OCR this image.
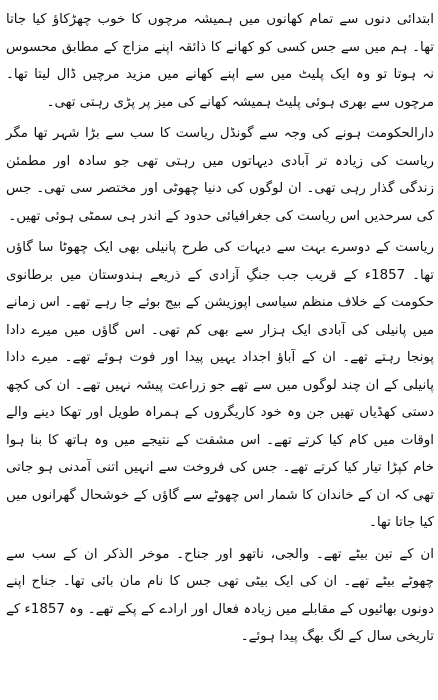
ابتدائی دنوں سے تمام کھانوں میں ہمیشہ مرچوں کا خوب چھڑکاؤ کیا جاتا تھا۔ ہم میں سے جس کسی کو کھانے کا ذائقہ اپنے مزاج کے مطابق محسوس نہ ہوتا تو وہ ایک پلیٹ میں سے اپنے کھانے میں مزید مرچیں ڈال لیتا تھا۔ مرچوں سے بھری ہوئی پلیٹ ہمیشہ کھانے کی میز پر پڑی رہتی تھی۔

دارالحکومت ہونے کی وجہ سے گونڈل ریاست کا سب سے بڑا شہر تھا مگر ریاست کی زیادہ تر آبادی دیہاتوں میں رہتی تھی جو سادہ اور مطمئن زندگی گذار رہی تھی۔ ان لوگوں کی دنیا چھوٹی اور مختصر سی تھی۔ جس کی سرحدیں اس ریاست کی جغرافیائی حدود کے اندر ہی سمٹی ہوئی تھیں۔

ریاست کے دوسرے بہت سے دیہات کی طرح پانیلی بھی ایک چھوٹا سا گاؤں تھا۔ 1857ء کے قریب جب جنگِ آزادی کے ذریعے ہندوستان میں برطانوی حکومت کے خلاف منظم سیاسی اپوزیشن کے بیج بوئے جا رہے تھے۔ اس زمانے میں پانیلی کی آبادی ایک ہزار سے بھی کم تھی۔ اس گاؤں میں میرے دادا پونجا رہتے تھے۔ ان کے آباؤ اجداد یہیں پیدا اور فوت ہوئے تھے۔ میرے دادا پانیلی کے ان چند لوگوں میں سے تھے جو زراعت پیشہ نہیں تھے۔ ان کی کچھ دستی کھڈیاں تھیں جن وہ خود کاریگروں کے ہمراہ طویل اور تھکا دینے والے اوقات میں کام کیا کرتے تھے۔ اس مشقت کے نتیجے میں وہ ہاتھ کا بنا ہوا خام کپڑا تیار کیا کرتے تھے۔ جس کی فروخت سے انہیں اتنی آمدنی ہو جاتی تھی کہ ان کے خاندان کا شمار اس چھوٹے سے گاؤں کے خوشحال گھرانوں میں کیا جاتا تھا۔

ان کے تین بیٹے تھے۔ والجی، ناتھو اور جناح۔ موخر الذکر ان کے سب سے چھوٹے بیٹے تھے۔ ان کی ایک بیٹی تھی جس کا نام مان بائی تھا۔ جناح اپنے دونوں بھائیوں کے مقابلے میں زیادہ فعال اور ارادے کے پکے تھے۔ وہ 1857ء کے تاریخی سال کے لگ بھگ پیدا ہوئے۔
